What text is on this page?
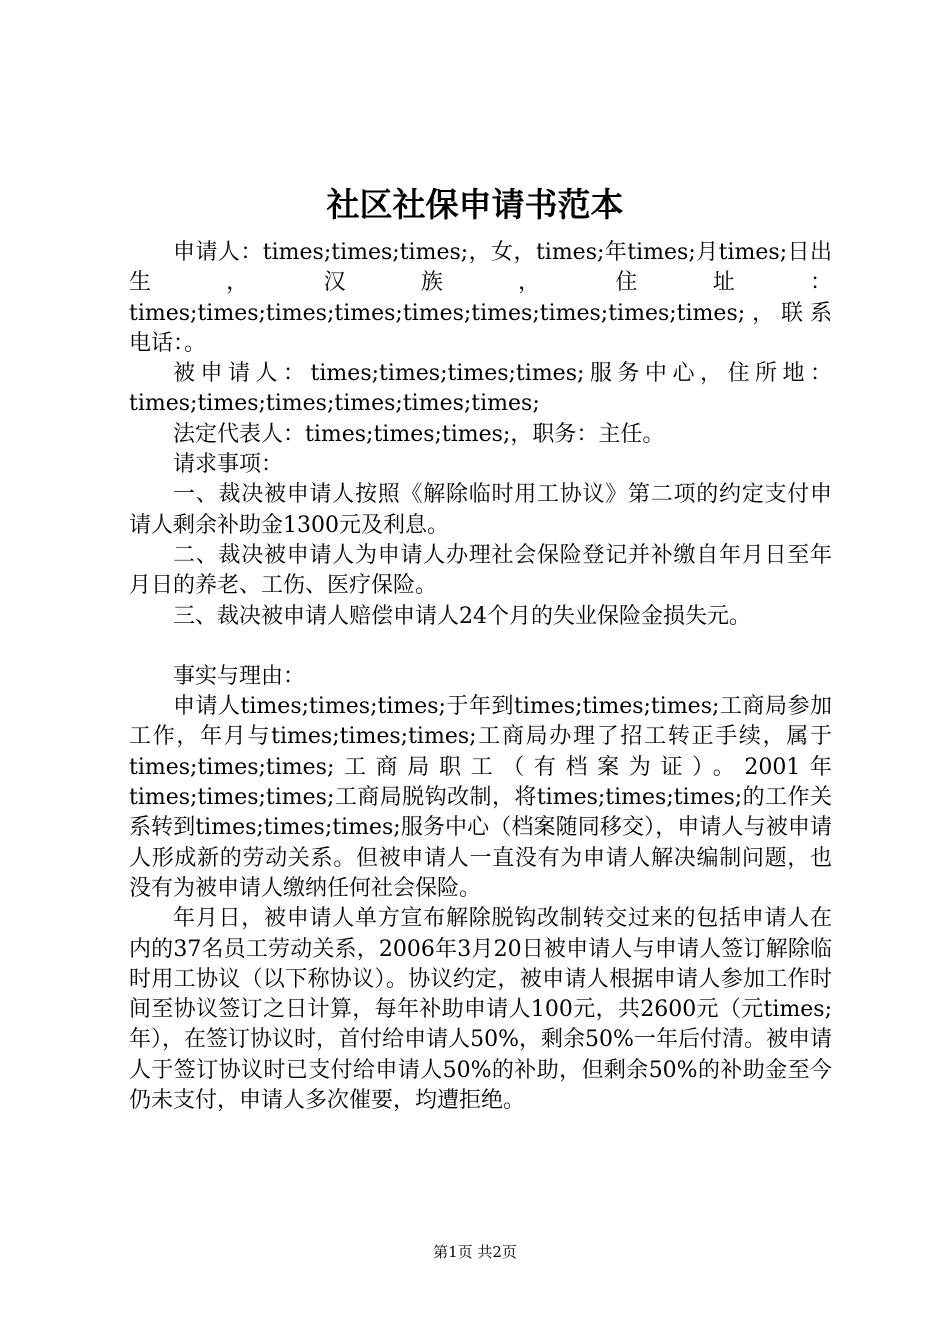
社区社保申请书范本

申请人：times;times;times;，女，times;年times;月times;日出生，汉族，住址：times;times;times;times;times;times;times;times;times;，联系电话：。

被申请人：times;times;times;times;服务中心，住所地：times;times;times;times;times;times;

法定代表人：times;times;times;，职务：主任。

请求事项：

一、裁决被申请人按照《解除临时用工协议》第二项的约定支付申请人剩余补助金1300元及利息。

二、裁决被申请人为申请人办理社会保险登记并补缴自年月日至年月日的养老、工伤、医疗保险。

三、裁决被申请人赔偿申请人24个月的失业保险金损失元。

事实与理由：

申请人times;times;times;于年到times;times;times;工商局参加工作，年月与times;times;times;工商局办理了招工转正手续，属于times;times;times;工商局职工（有档案为证）。2001年times;times;times;工商局脱钩改制，将times;times;times;的工作关系转到times;times;times;服务中心（档案随同移交），申请人与被申请人形成新的劳动关系。但被申请人一直没有为申请人解决编制问题，也没有为被申请人缴纳任何社会保险。

年月日，被申请人单方宣布解除脱钩改制转交过来的包括申请人在内的37名员工劳动关系，2006年3月20日被申请人与申请人签订解除临时用工协议（以下称协议）。协议约定，被申请人根据申请人参加工作时间至协议签订之日计算，每年补助申请人100元，共2600元（元times;年），在签订协议时，首付给申请人50%，剩余50%一年后付清。被申请人于签订协议时已支付给申请人50%的补助，但剩余50%的补助金至今仍未支付，申请人多次催要，均遭拒绝。

第1页 共2页
